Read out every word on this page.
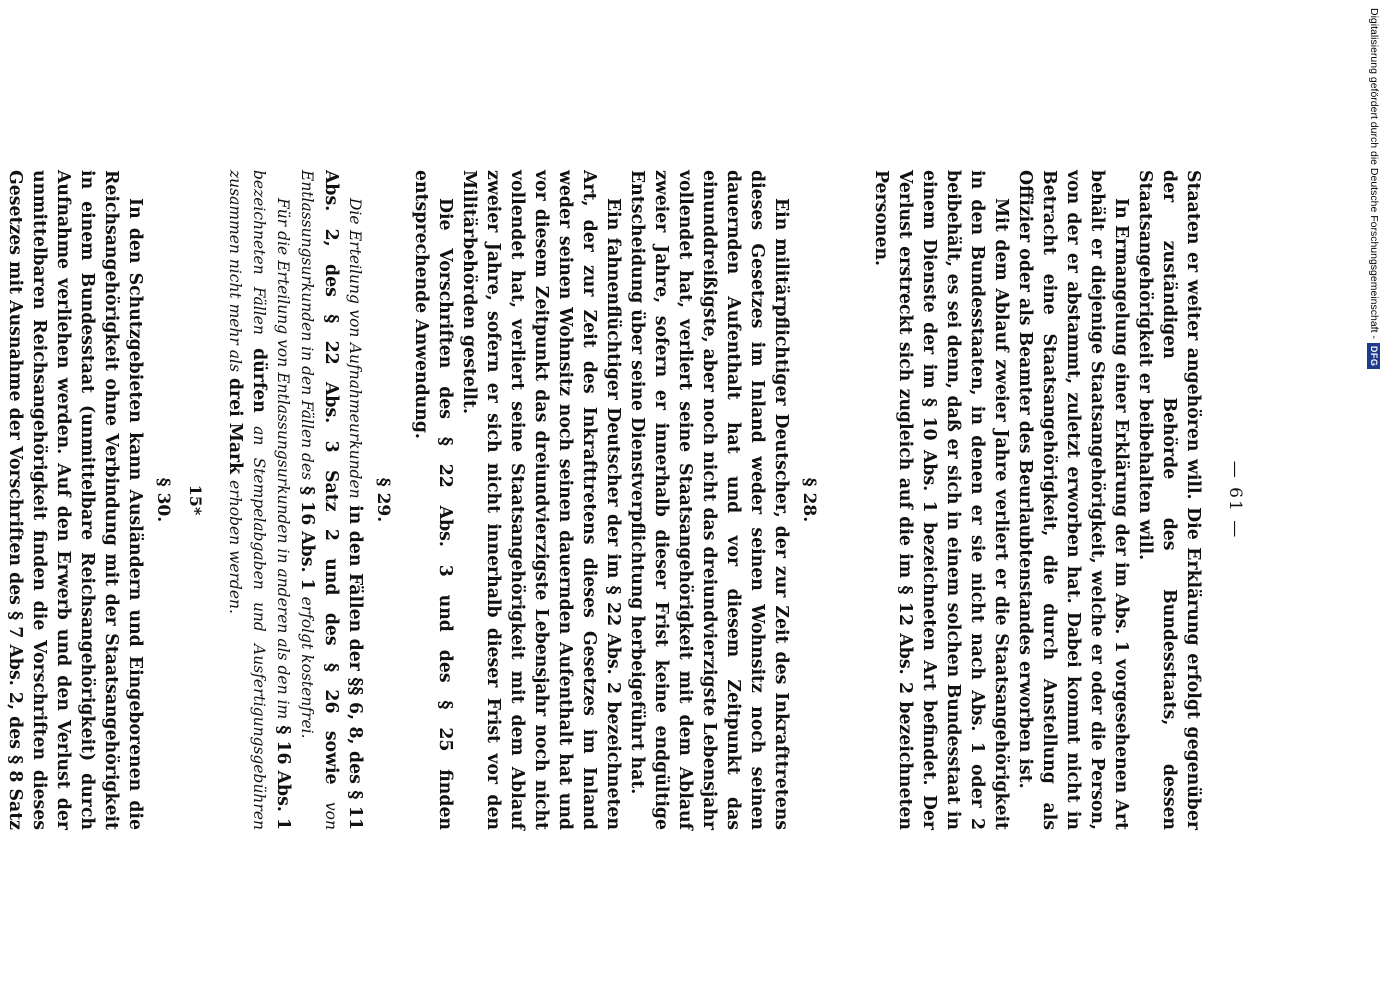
— 61 —

Staaten er weiter angehören will. Die Erklärung erfolgt gegenüber der zuständigen Behörde des Bundesstaats, dessen Staatsangehörigkeit er beibehalten will.

In Ermangelung einer Erklärung der im Abs. 1 vorgesehenen Art behält er diejenige Staatsangehörigkeit, welche er oder die Person, von der er abstammt, zuletzt erworben hat. Dabei kommt nicht in Betracht eine Staatsangehörigkeit, die durch Anstellung als Offizier oder als Beamter des Beurlaubtenstandes erworben ist.

Mit dem Ablauf zweier Jahre verliert er die Staatsangehörigkeit in den Bundesstaaten, in denen er sie nicht nach Abs. 1 oder 2 beibehält, es sei denn, daß er sich in einem solchen Bundesstaat in einem Dienste der im § 10 Abs. 1 bezeichneten Art befindet. Der Verlust erstreckt sich zugleich auf die im § 12 Abs. 2 bezeichneten Personen.

§ 28.

Ein militärpflichtiger Deutscher, der zur Zeit des Inkrafttretens dieses Gesetzes im Inland weder seinen Wohnsitz noch seinen dauernden Aufenthalt hat und vor diesem Zeitpunkt das einunddreißigste, aber noch nicht das dreiundvierzigste Lebensjahr vollendet hat, verliert seine Staatsangehörigkeit mit dem Ablauf zweier Jahre, sofern er innerhalb dieser Frist keine endgültige Entscheidung über seine Dienstverpflichtung herbeigeführt hat.

Ein fahnenflüchtiger Deutscher der im § 22 Abs. 2 bezeichneten Art, der zur Zeit des Inkrafttretens dieses Gesetzes im Inland weder seinen Wohnsitz noch seinen dauernden Aufenthalt hat und vor diesem Zeitpunkt das dreiundvierzigste Lebensjahr noch nicht vollendet hat, verliert seine Staatsangehörigkeit mit dem Ablauf zweier Jahre, sofern er sich nicht innerhalb dieser Frist vor den Militärbehörden gestellt.

Die Vorschriften des § 22 Abs. 3 und des § 25 finden entsprechende Anwendung.

§ 29.

Die Erteilung von Aufnahmeurkunden in den Fällen der §§ 6, 8, des § 11 Abs. 2, des § 22 Abs. 3 Satz 2 und des § 26 sowie von Entlassungsurkunden in den Fällen des § 16 Abs. 1 erfolgt kostenfrei.

Für die Erteilung von Entlassungsurkunden in anderen als den im § 16 Abs. 1 bezeichneten Fällen dürfen an Stempelabgaben und Ausfertigungsgebühren zusammen nicht mehr als drei Mark erhoben werden.

§ 30.

In den Schutzgebieten kann Ausländern und Eingeborenen die Reichsangehörigkeit ohne Verbindung mit der Staatsangehörigkeit in einem Bundesstaat (unmittelbare Reichsangehörigkeit) durch Aufnahme verliehen werden. Auf den Erwerb und den Verlust der unmittelbaren Reichsangehörigkeit finden die Vorschriften dieses Gesetzes mit Ausnahme der Vorschriften des § 7 Abs. 2, des § 8 Satz

15*
Digitalisierung gefördert durch die Deutsche Forschungsgemeinschaft -
DFG
